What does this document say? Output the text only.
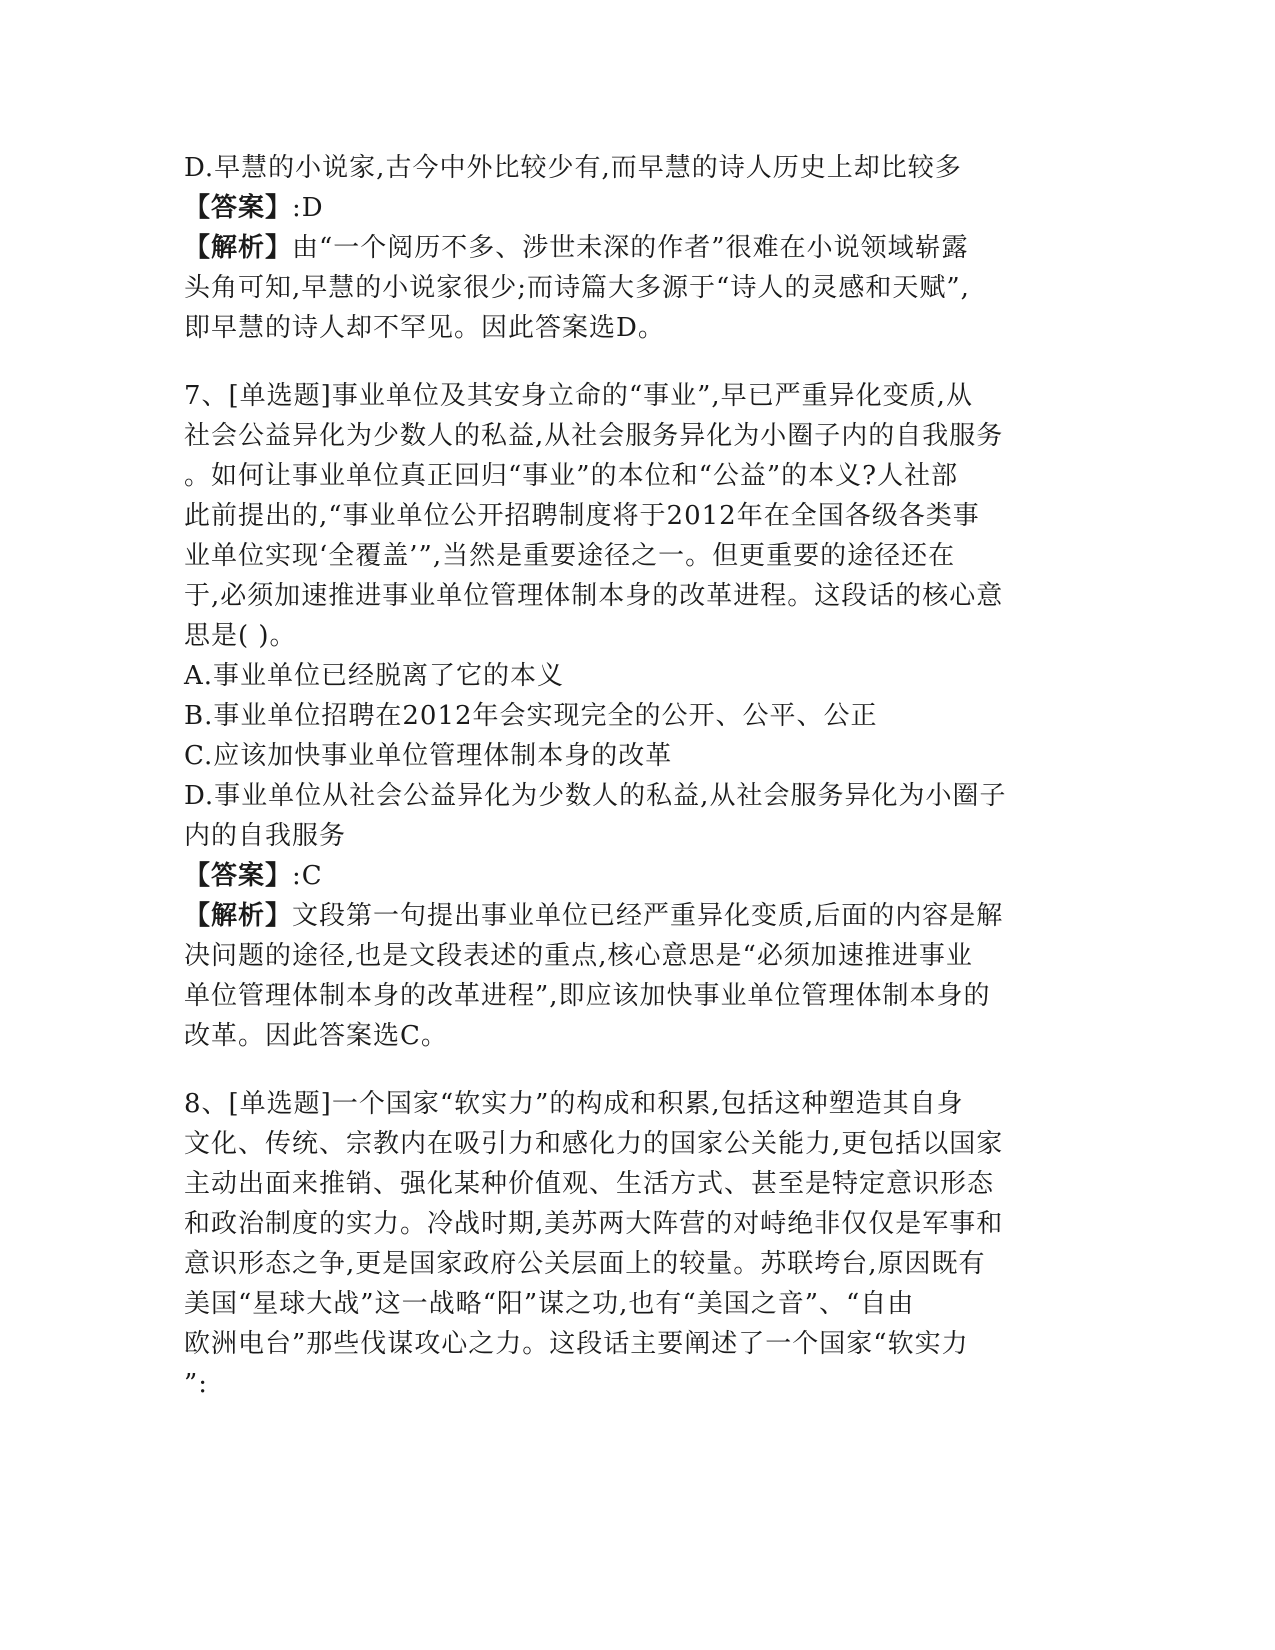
D.早慧的小说家,古今中外比较少有,而早慧的诗人历史上却比较多
【答案】:D
【解析】由“一个阅历不多、涉世未深的作者”很难在小说领域崭露
头角可知,早慧的小说家很少;而诗篇大多源于“诗人的灵感和天赋”,
即早慧的诗人却不罕见。因此答案选D。
7、[单选题]事业单位及其安身立命的“事业”,早已严重异化变质,从
社会公益异化为少数人的私益,从社会服务异化为小圈子内的自我服务
。如何让事业单位真正回归“事业”的本位和“公益”的本义?人社部
此前提出的,“事业单位公开招聘制度将于2012年在全国各级各类事
业单位实现‘全覆盖’”,当然是重要途径之一。但更重要的途径还在
于,必须加速推进事业单位管理体制本身的改革进程。这段话的核心意
思是( )。
A.事业单位已经脱离了它的本义
B.事业单位招聘在2012年会实现完全的公开、公平、公正
C.应该加快事业单位管理体制本身的改革
D.事业单位从社会公益异化为少数人的私益,从社会服务异化为小圈子
内的自我服务
【答案】:C
【解析】文段第一句提出事业单位已经严重异化变质,后面的内容是解
决问题的途径,也是文段表述的重点,核心意思是“必须加速推进事业
单位管理体制本身的改革进程”,即应该加快事业单位管理体制本身的
改革。因此答案选C。
8、[单选题]一个国家“软实力”的构成和积累,包括这种塑造其自身
文化、传统、宗教内在吸引力和感化力的国家公关能力,更包括以国家
主动出面来推销、强化某种价值观、生活方式、甚至是特定意识形态
和政治制度的实力。冷战时期,美苏两大阵营的对峙绝非仅仅是军事和
意识形态之争,更是国家政府公关层面上的较量。苏联垮台,原因既有
美国“星球大战”这一战略“阳”谋之功,也有“美国之音”、“自由
欧洲电台”那些伐谋攻心之力。这段话主要阐述了一个国家“软实力
”:
